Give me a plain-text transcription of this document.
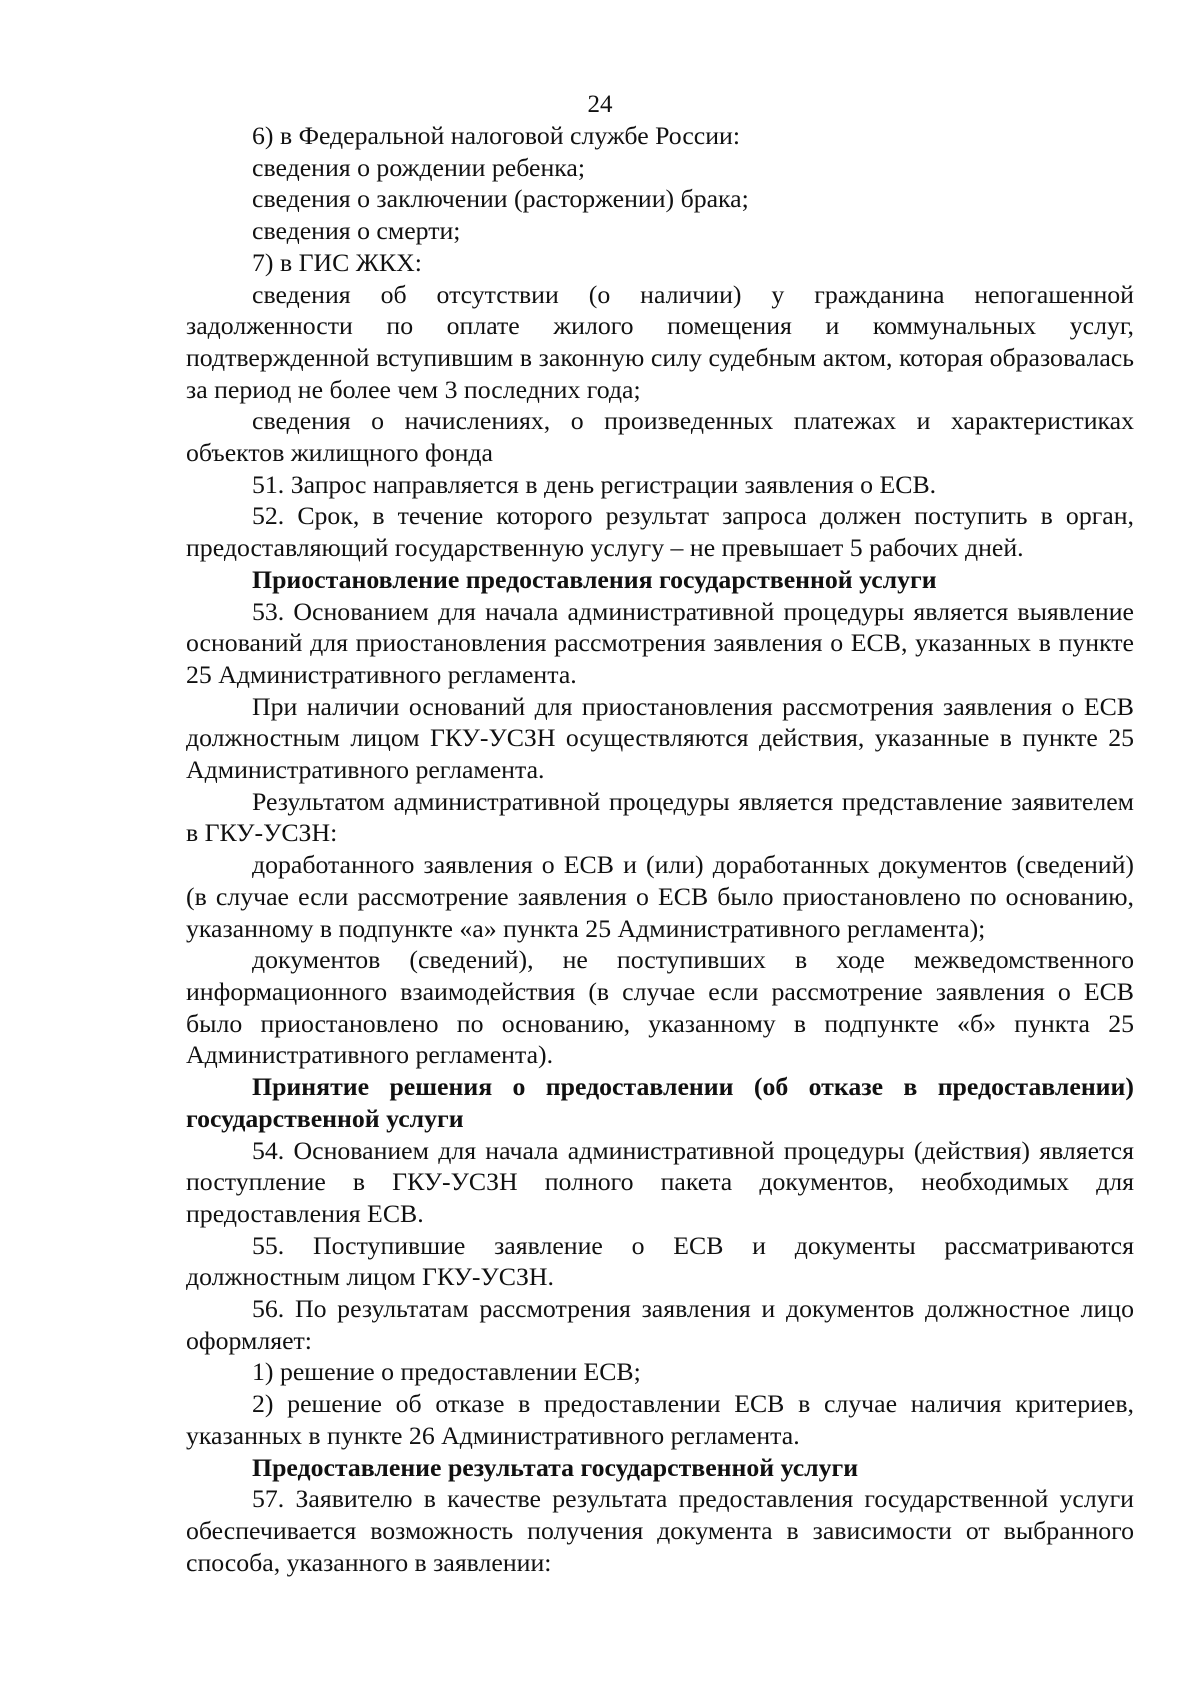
24

6) в Федеральной налоговой службе России:

сведения о рождении ребенка;

сведения о заключении (расторжении) брака;

сведения о смерти;

7) в ГИС ЖКХ:

сведения об отсутствии (о наличии) у гражданина непогашенной задолженности по оплате жилого помещения и коммунальных услуг, подтвержденной вступившим в законную силу судебным актом, которая образовалась за период не более чем 3 последних года;

сведения о начислениях, о произведенных платежах и характеристиках объектов жилищного фонда

51. Запрос направляется в день регистрации заявления о ЕСВ.

52. Срок, в течение которого результат запроса должен поступить в орган, предоставляющий государственную услугу – не превышает 5 рабочих дней.

Приостановление предоставления государственной услуги

53. Основанием для начала административной процедуры является выявление оснований для приостановления рассмотрения заявления о ЕСВ, указанных в пункте 25 Административного регламента.

При наличии оснований для приостановления рассмотрения заявления о ЕСВ должностным лицом ГКУ-УСЗН осуществляются действия, указанные в пункте 25 Административного регламента.

Результатом административной процедуры является представление заявителем в ГКУ-УСЗН:

доработанного заявления о ЕСВ и (или) доработанных документов (сведений) (в случае если рассмотрение заявления о ЕСВ было приостановлено по основанию, указанному в подпункте «а» пункта 25 Административного регламента);

документов (сведений), не поступивших в ходе межведомственного информационного взаимодействия (в случае если рассмотрение заявления о ЕСВ было приостановлено по основанию, указанному в подпункте «б» пункта 25 Административного регламента).

Принятие решения о предоставлении (об отказе в предоставлении) государственной услуги

54. Основанием для начала административной процедуры (действия) является поступление в ГКУ-УСЗН полного пакета документов, необходимых для предоставления ЕСВ.

55. Поступившие заявление о ЕСВ и документы рассматриваются должностным лицом ГКУ-УСЗН.

56. По результатам рассмотрения заявления и документов должностное лицо оформляет:

1) решение о предоставлении ЕСВ;

2) решение об отказе в предоставлении ЕСВ в случае наличия критериев, указанных в пункте 26 Административного регламента.

Предоставление результата государственной услуги

57. Заявителю в качестве результата предоставления государственной услуги обеспечивается возможность получения документа в зависимости от выбранного способа, указанного в заявлении:
